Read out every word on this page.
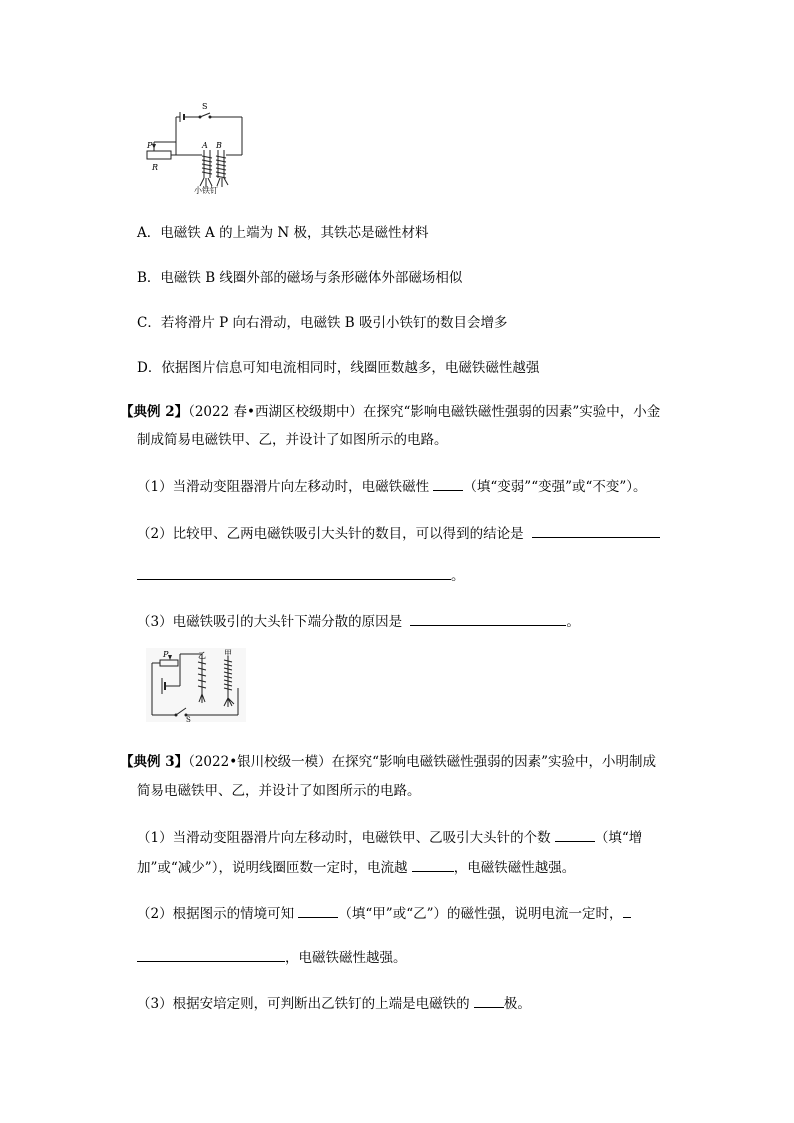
S
P
R
A B
小铁钉
A．电磁铁 A 的上端为 N 极，其铁芯是磁性材料
B．电磁铁 B 线圈外部的磁场与条形磁体外部磁场相似
C．若将滑片 P 向右滑动，电磁铁 B 吸引小铁钉的数目会增多
D．依据图片信息可知电流相同时，线圈匝数越多，电磁铁磁性越强
【典例 2】（2022 春•西湖区校级期中）在探究“影响电磁铁磁性强弱的因素”实验中，小金
制成简易电磁铁甲、乙，并设计了如图所示的电路。
（1）当滑动变阻器滑片向左移动时，电磁铁磁性	（填“变弱”“变强”或“不变”）。
（2）比较甲、乙两电磁铁吸引大头针的数目，可以得到的结论是
。
（3）电磁铁吸引的大头针下端分散的原因是	。
P	乙 甲
S
【典例 3】（2022•银川校级一模）在探究“影响电磁铁磁性强弱的因素”实验中，小明制成
简易电磁铁甲、乙，并设计了如图所示的电路。
（1）当滑动变阻器滑片向左移动时，电磁铁甲、乙吸引大头针的个数	（填“增
加”或“减少”），说明线圈匝数一定时，电流越	，电磁铁磁性越强。
（2）根据图示的情境可知	（填“甲”或“乙”）的磁性强，说明电流一定时，
，电磁铁磁性越强。
（3）根据安培定则，可判断出乙铁钉的上端是电磁铁的	极。
